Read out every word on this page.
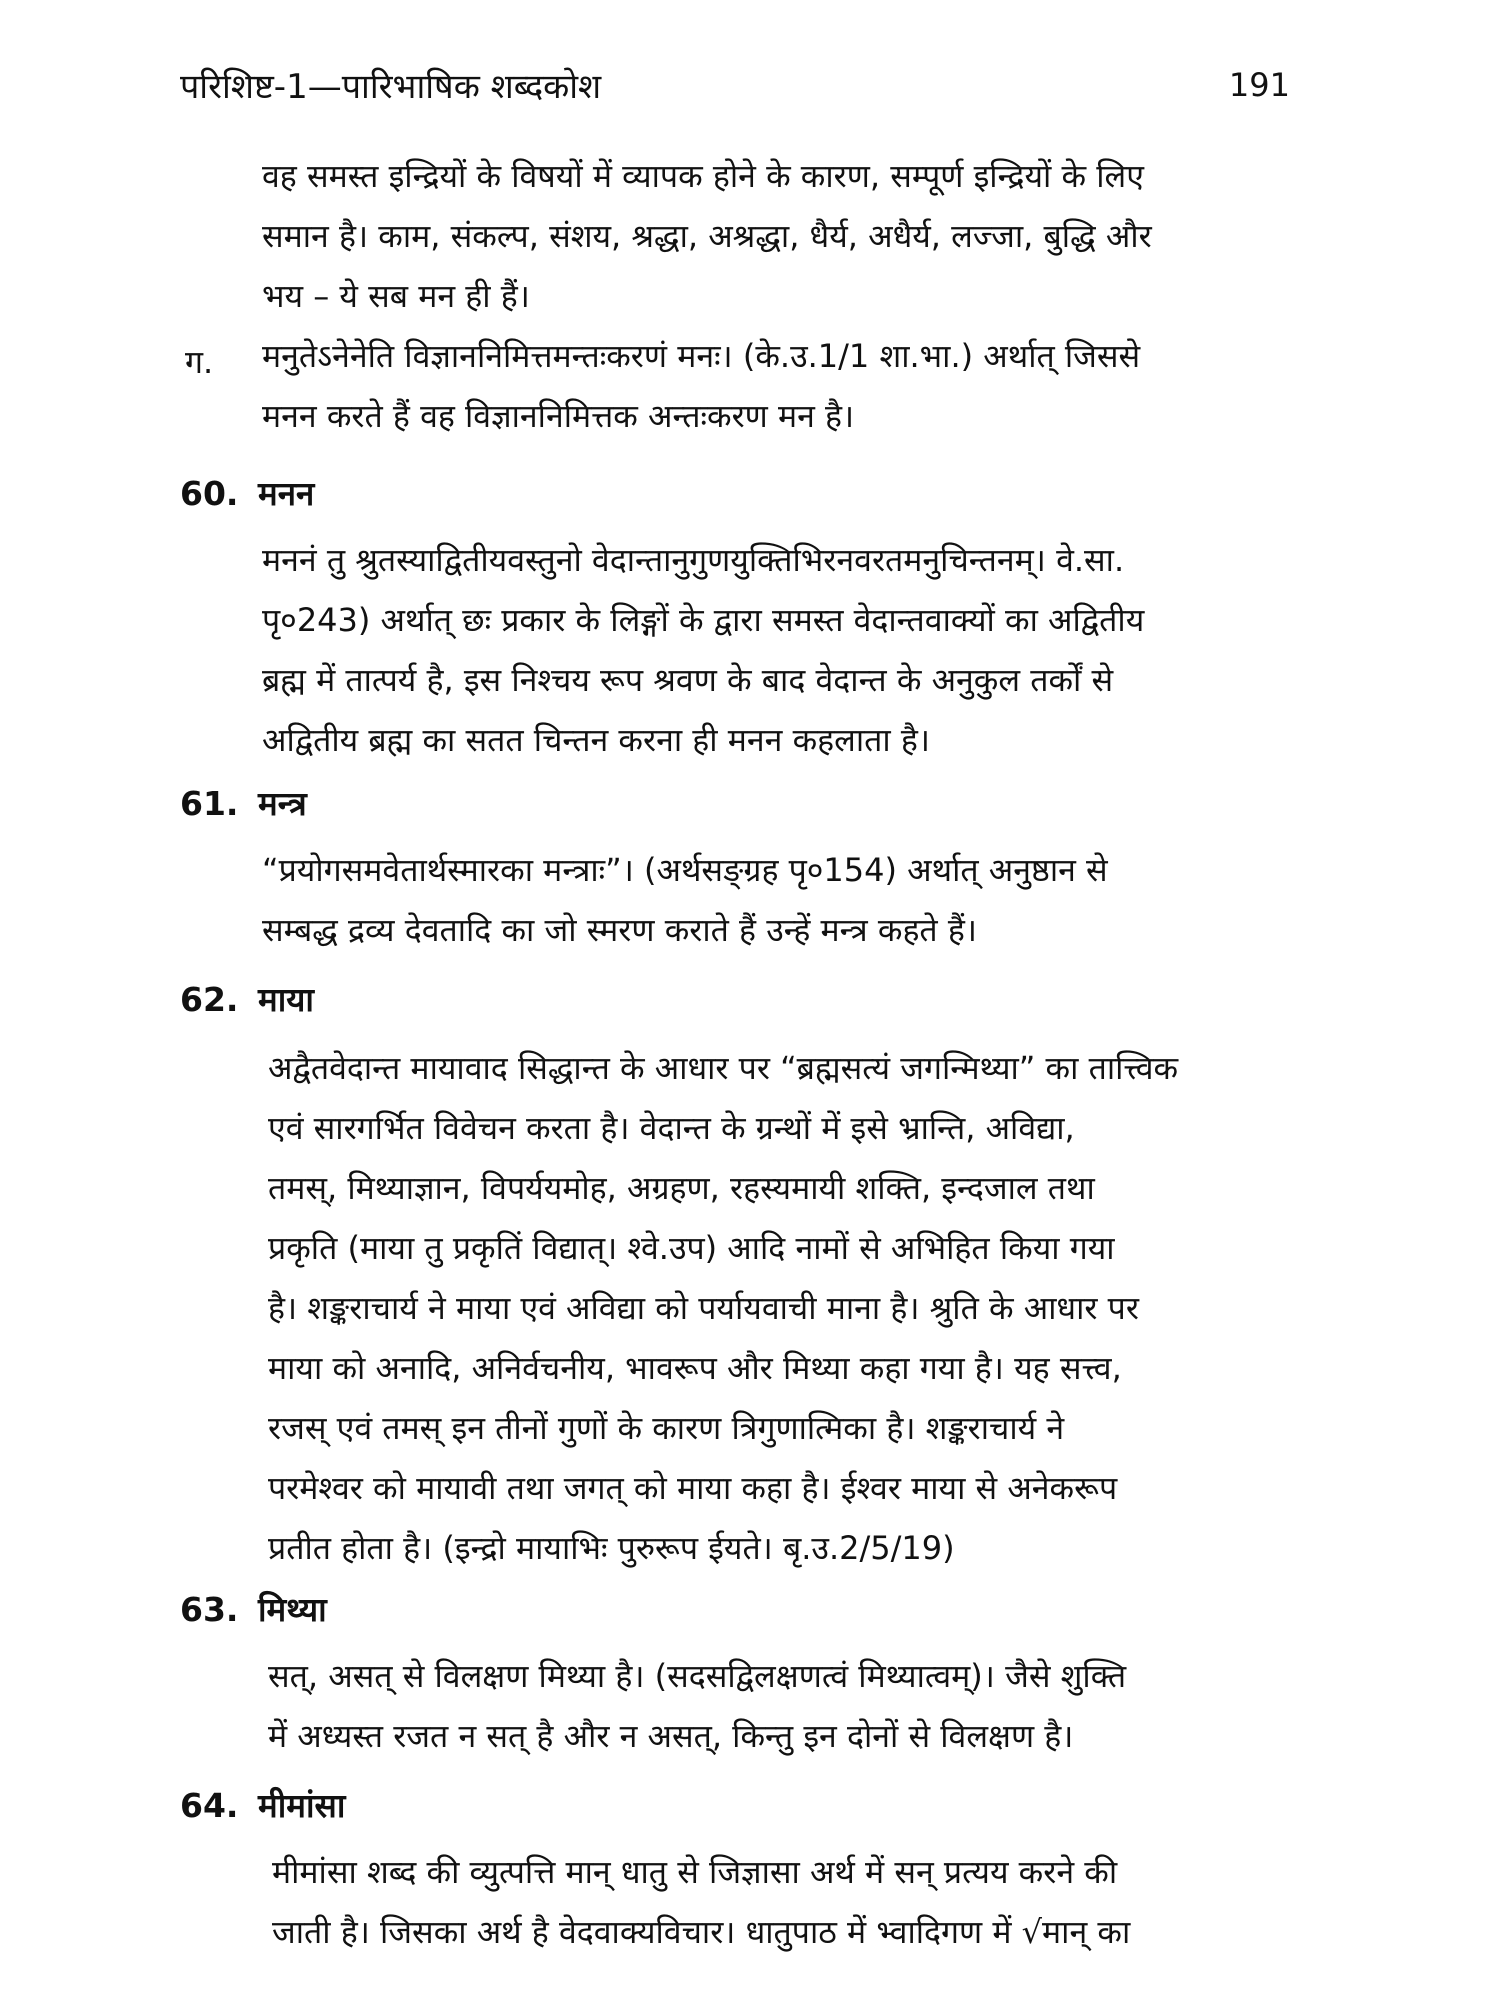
परिशिष्ट-1—पारिभाषिक शब्दकोश	191
वह समस्त इन्द्रियों के विषयों में व्यापक होने के कारण, सम्पूर्ण इन्द्रियों के लिए
समान है। काम, संकल्प, संशय, श्रद्धा, अश्रद्धा, धैर्य, अधैर्य, लज्जा, बुद्धि और
भय – ये सब मन ही हैं।
ग. मनुतेऽनेनेति विज्ञाननिमित्तमन्तःकरणं मनः। (के.उ.1/1 शा.भा.) अर्थात् जिससे
मनन करते हैं वह विज्ञाननिमित्तक अन्तःकरण मन है।
60. मनन
मननं तु श्रुतस्याद्वितीयवस्तुनो वेदान्तानुगुणयुक्तिभिरनवरतमनुचिन्तनम्। वे.सा.
पृ०243) अर्थात् छः प्रकार के लिङ्गों के द्वारा समस्त वेदान्तवाक्यों का अद्वितीय
ब्रह्म में तात्पर्य है, इस निश्चय रूप श्रवण के बाद वेदान्त के अनुकुल तर्कों से
अद्वितीय ब्रह्म का सतत चिन्तन करना ही मनन कहलाता है।
61. मन्त्र
“प्रयोगसमवेतार्थस्मारका मन्त्राः”। (अर्थसङ्ग्रह पृ०154) अर्थात् अनुष्ठान से
सम्बद्ध द्रव्य देवतादि का जो स्मरण कराते हैं उन्हें मन्त्र कहते हैं।
62. माया
अद्वैतवेदान्त मायावाद सिद्धान्त के आधार पर “ब्रह्मसत्यं जगन्मिथ्या” का तात्त्विक
एवं सारगर्भित विवेचन करता है। वेदान्त के ग्रन्थों में इसे भ्रान्ति, अविद्या,
तमस्, मिथ्याज्ञान, विपर्ययमोह, अग्रहण, रहस्यमायी शक्ति, इन्दजाल तथा
प्रकृति (माया तु प्रकृतिं विद्यात्। श्वे.उप) आदि नामों से अभिहित किया गया
है। शङ्कराचार्य ने माया एवं अविद्या को पर्यायवाची माना है। श्रुति के आधार पर
माया को अनादि, अनिर्वचनीय, भावरूप और मिथ्या कहा गया है। यह सत्त्व,
रजस् एवं तमस् इन तीनों गुणों के कारण त्रिगुणात्मिका है। शङ्कराचार्य ने
परमेश्वर को मायावी तथा जगत् को माया कहा है। ईश्वर माया से अनेकरूप
प्रतीत होता है। (इन्द्रो मायाभिः पुरुरूप ईयते। बृ.उ.2/5/19)
63. मिथ्या
सत्, असत् से विलक्षण मिथ्या है। (सदसद्विलक्षणत्वं मिथ्यात्वम्)। जैसे शुक्ति
में अध्यस्त रजत न सत् है और न असत्, किन्तु इन दोनों से विलक्षण है।
64. मीमांसा
मीमांसा शब्द की व्युत्पत्ति मान् धातु से जिज्ञासा अर्थ में सन् प्रत्यय करने की
जाती है। जिसका अर्थ है वेदवाक्यविचार। धातुपाठ में भ्वादिगण में √मान् का
